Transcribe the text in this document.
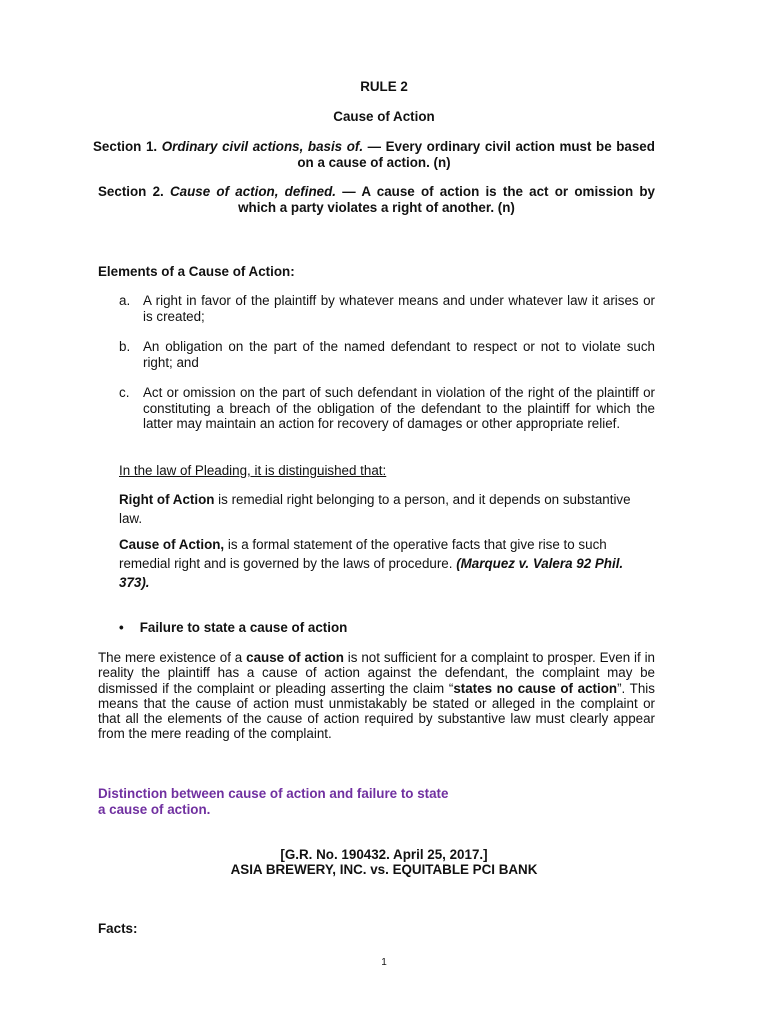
RULE 2
Cause of Action
Section 1. Ordinary civil actions, basis of. — Every ordinary civil action must be based on a cause of action. (n)
Section 2. Cause of action, defined. — A cause of action is the act or omission by which a party violates a right of another. (n)
Elements of a Cause of Action:
a. A right in favor of the plaintiff by whatever means and under whatever law it arises or is created;
b. An obligation on the part of the named defendant to respect or not to violate such right; and
c. Act or omission on the part of such defendant in violation of the right of the plaintiff or constituting a breach of the obligation of the defendant to the plaintiff for which the latter may maintain an action for recovery of damages or other appropriate relief.
In the law of Pleading, it is distinguished that:
Right of Action is remedial right belonging to a person, and it depends on substantive law.
Cause of Action, is a formal statement of the operative facts that give rise to such remedial right and is governed by the laws of procedure. (Marquez v. Valera 92 Phil. 373).
• Failure to state a cause of action
The mere existence of a cause of action is not sufficient for a complaint to prosper. Even if in reality the plaintiff has a cause of action against the defendant, the complaint may be dismissed if the complaint or pleading asserting the claim “states no cause of action”. This means that the cause of action must unmistakably be stated or alleged in the complaint or that all the elements of the cause of action required by substantive law must clearly appear from the mere reading of the complaint.
Distinction between cause of action and failure to state
a cause of action.
[G.R. No. 190432. April 25, 2017.]
ASIA BREWERY, INC. vs. EQUITABLE PCI BANK
Facts:
1
